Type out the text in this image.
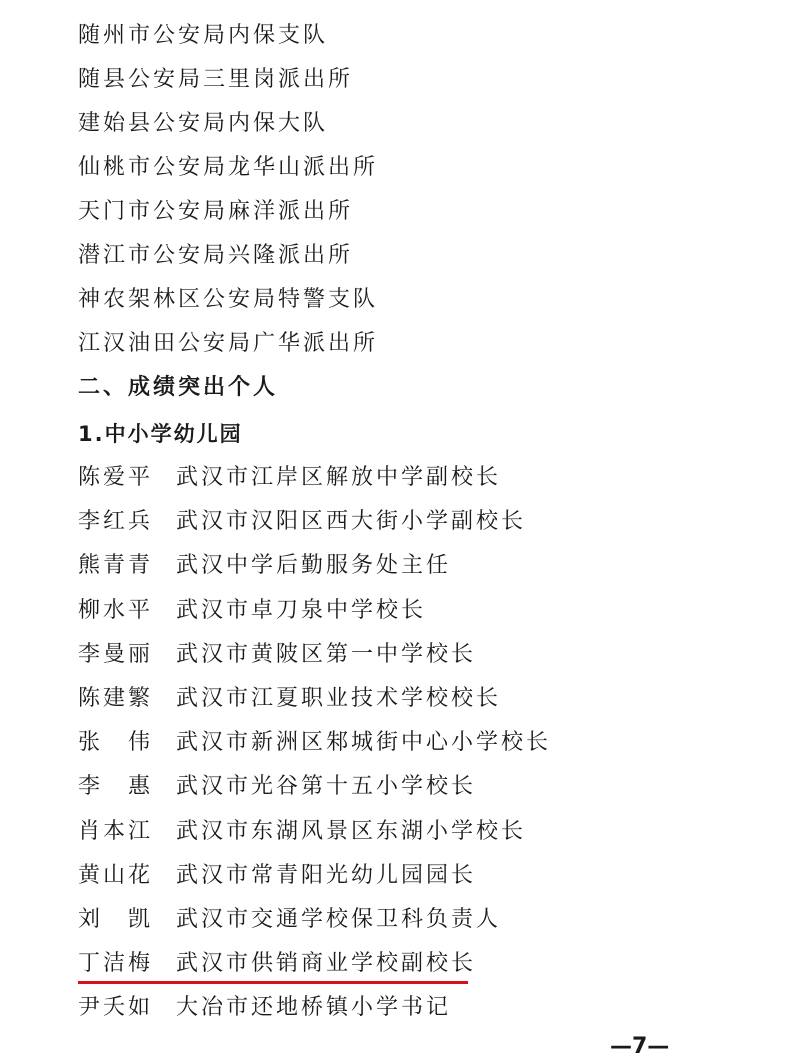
随州市公安局内保支队
随县公安局三里岗派出所
建始县公安局内保大队
仙桃市公安局龙华山派出所
天门市公安局麻洋派出所
潜江市公安局兴隆派出所
神农架林区公安局特警支队
江汉油田公安局广华派出所
二、成绩突出个人
1.中小学幼儿园
陈爱平 武汉市江岸区解放中学副校长
李红兵 武汉市汉阳区西大街小学副校长
熊青青 武汉中学后勤服务处主任
柳水平 武汉市卓刀泉中学校长
李曼丽 武汉市黄陂区第一中学校长
陈建繁 武汉市江夏职业技术学校校长
张　伟 武汉市新洲区邾城街中心小学校长
李　惠 武汉市光谷第十五小学校长
肖本江 武汉市东湖风景区东湖小学校长
黄山花 武汉市常青阳光幼儿园园长
刘　凯 武汉市交通学校保卫科负责人
丁洁梅 武汉市供销商业学校副校长
尹夭如 大冶市还地桥镇小学书记
—7—
